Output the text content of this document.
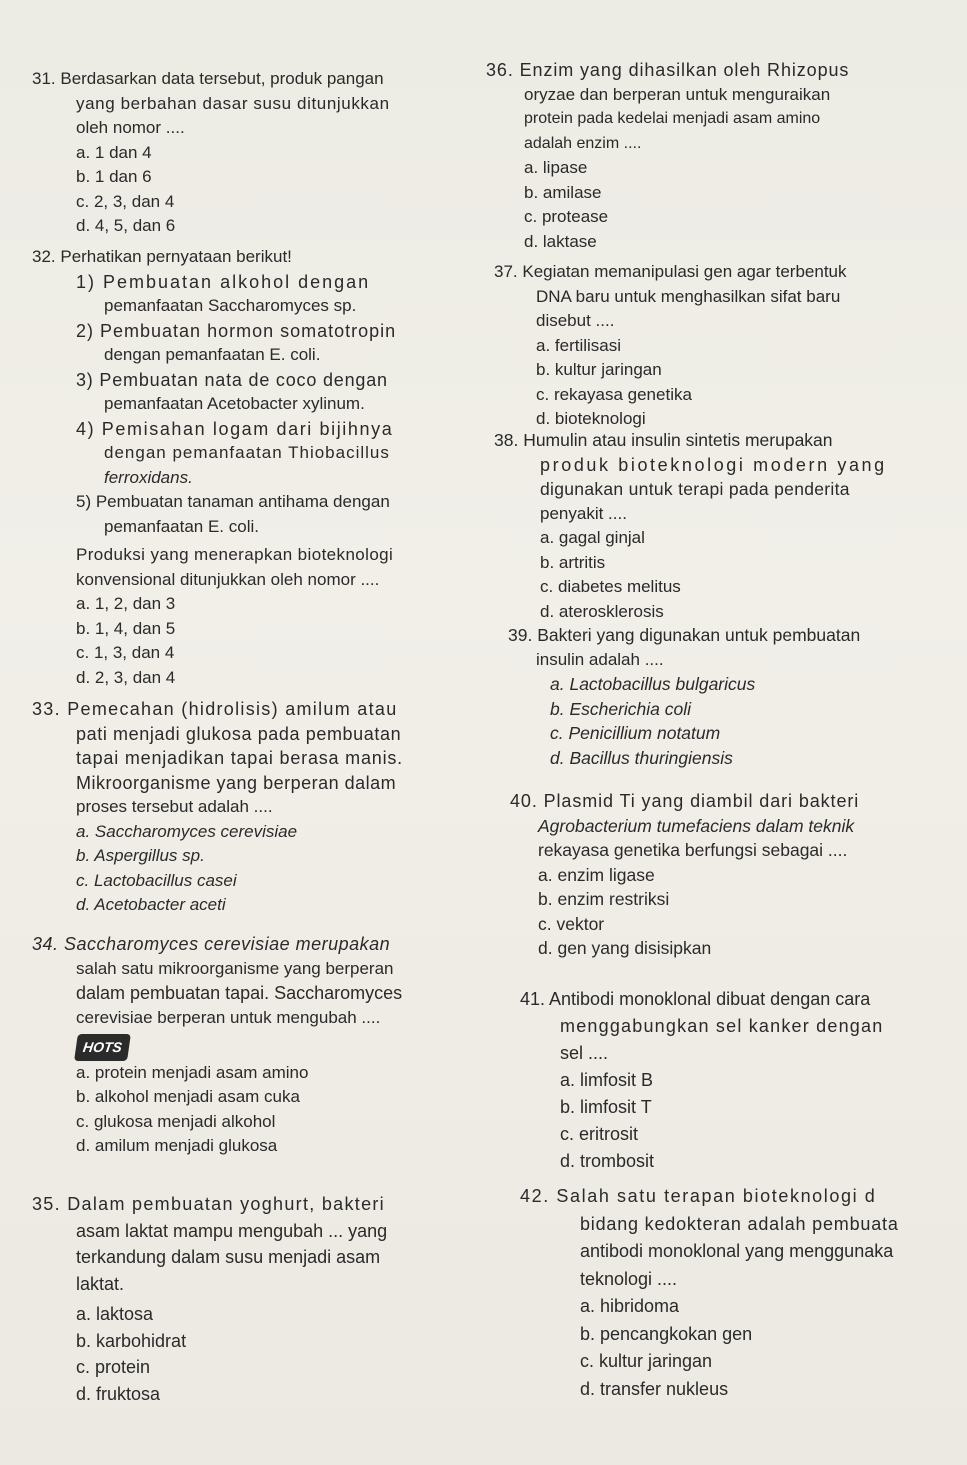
31. Berdasarkan data tersebut, produk pangan
yang berbahan dasar susu ditunjukkan
oleh nomor ....
a. 1 dan 4
b. 1 dan 6
c. 2, 3, dan 4
d. 4, 5, dan 6
32. Perhatikan pernyataan berikut!
1) Pembuatan alkohol dengan
pemanfaatan Saccharomyces sp.
2) Pembuatan hormon somatotropin
dengan pemanfaatan E. coli.
3) Pembuatan nata de coco dengan
pemanfaatan Acetobacter xylinum.
4) Pemisahan logam dari bijihnya
dengan pemanfaatan Thiobacillus
ferroxidans.
5) Pembuatan tanaman antihama dengan
pemanfaatan E. coli.
Produksi yang menerapkan bioteknologi
konvensional ditunjukkan oleh nomor ....
a. 1, 2, dan 3
b. 1, 4, dan 5
c. 1, 3, dan 4
d. 2, 3, dan 4
33. Pemecahan (hidrolisis) amilum atau
pati menjadi glukosa pada pembuatan
tapai menjadikan tapai berasa manis.
Mikroorganisme yang berperan dalam
proses tersebut adalah ....
a. Saccharomyces cerevisiae
b. Aspergillus sp.
c. Lactobacillus casei
d. Acetobacter aceti
34. Saccharomyces cerevisiae merupakan
salah satu mikroorganisme yang berperan
dalam pembuatan tapai. Saccharomyces
cerevisiae berperan untuk mengubah ....
HOTS
a. protein menjadi asam amino
b. alkohol menjadi asam cuka
c. glukosa menjadi alkohol
d. amilum menjadi glukosa
35. Dalam pembuatan yoghurt, bakteri
asam laktat mampu mengubah ... yang
terkandung dalam susu menjadi asam
laktat.
a. laktosa
b. karbohidrat
c. protein
d. fruktosa
36. Enzim yang dihasilkan oleh Rhizopus
oryzae dan berperan untuk menguraikan
protein pada kedelai menjadi asam amino
adalah enzim ....
a. lipase
b. amilase
c. protease
d. laktase
37. Kegiatan memanipulasi gen agar terbentuk
DNA baru untuk menghasilkan sifat baru
disebut ....
a. fertilisasi
b. kultur jaringan
c. rekayasa genetika
d. bioteknologi
38. Humulin atau insulin sintetis merupakan
produk bioteknologi modern yang
digunakan untuk terapi pada penderita
penyakit ....
a. gagal ginjal
b. artritis
c. diabetes melitus
d. aterosklerosis
39. Bakteri yang digunakan untuk pembuatan
insulin adalah ....
a. Lactobacillus bulgaricus
b. Escherichia coli
c. Penicillium notatum
d. Bacillus thuringiensis
40. Plasmid Ti yang diambil dari bakteri
Agrobacterium tumefaciens dalam teknik
rekayasa genetika berfungsi sebagai ....
a. enzim ligase
b. enzim restriksi
c. vektor
d. gen yang disisipkan
41. Antibodi monoklonal dibuat dengan cara
menggabungkan sel kanker dengan
sel ....
a. limfosit B
b. limfosit T
c. eritrosit
d. trombosit
42. Salah satu terapan bioteknologi d
bidang kedokteran adalah pembuata
antibodi monoklonal yang menggunaka
teknologi ....
a. hibridoma
b. pencangkokan gen
c. kultur jaringan
d. transfer nukleus
